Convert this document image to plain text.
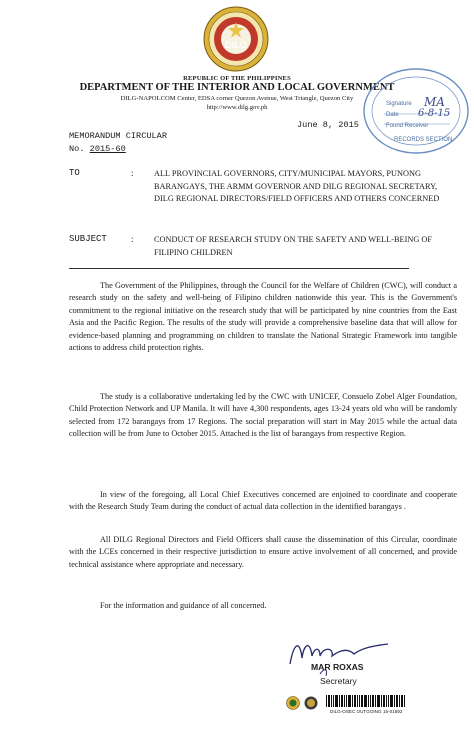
DILG
REPUBLIC OF THE PHILIPPINES
DEPARTMENT OF THE INTERIOR AND LOCAL GOVERNMENT
DILG-NAPOLCOM Center, EDSA corner Quezon Avenue, West Triangle, Quezon City
http://www.dilg.gov.ph	Signature
Date
Found Receiver
RECORDS SECTION
MA
6-8-15
June 8, 2015
MEMORANDUM CIRCULAR
No. 2015-60
TO	: ALL PROVINCIAL GOVERNORS, CITY/MUNICIPAL MAYORS, PUNONG BARANGAYS, THE ARMM GOVERNOR AND DILG REGIONAL SECRETARY, DILG REGIONAL DIRECTORS/FIELD OFFICERS AND OTHERS CONCERNED
SUBJECT	: CONDUCT OF RESEARCH STUDY ON THE SAFETY AND WELL-BEING OF FILIPINO CHILDREN
The Government of the Philippines, through the Council for the Welfare of Children (CWC), will conduct a research study on the safety and well-being of Filipino children nationwide this year. This is the Government's commitment to the regional initiative on the research study that will be participated by nine countries from the East Asia and the Pacific Region. The results of the study will provide a comprehensive baseline data that will allow for evidence-based planning and programming on children to translate the National Strategic Framework into tangible actions to address child protection rights.
The study is a collaborative undertaking led by the CWC with UNICEF, Consuelo Zobel Alger Foundation, Child Protection Network and UP Manila. It will have 4,300 respondents, ages 13-24 years old who will be randomly selected from 172 barangays from 17 Regions. The social preparation will start in May 2015 while the actual data collection will be from June to October 2015. Attached is the list of barangays from respective Region.
In view of the foregoing, all Local Chief Executives concerned are enjoined to coordinate and cooperate with the Research Study Team during the conduct of actual data collection in the identified barangays .
All DILG Regional Directors and Field Officers shall cause the dissemination of this Circular, coordinate with the LCEs concerned in their respective jurisdiction to ensure active involvement of all concerned, and provide technical assistance where appropriate and necessary.
For the information and guidance of all concerned.
MAR ROXAS
Secretary
DILG-OSEC OUTGOING 15-01592
